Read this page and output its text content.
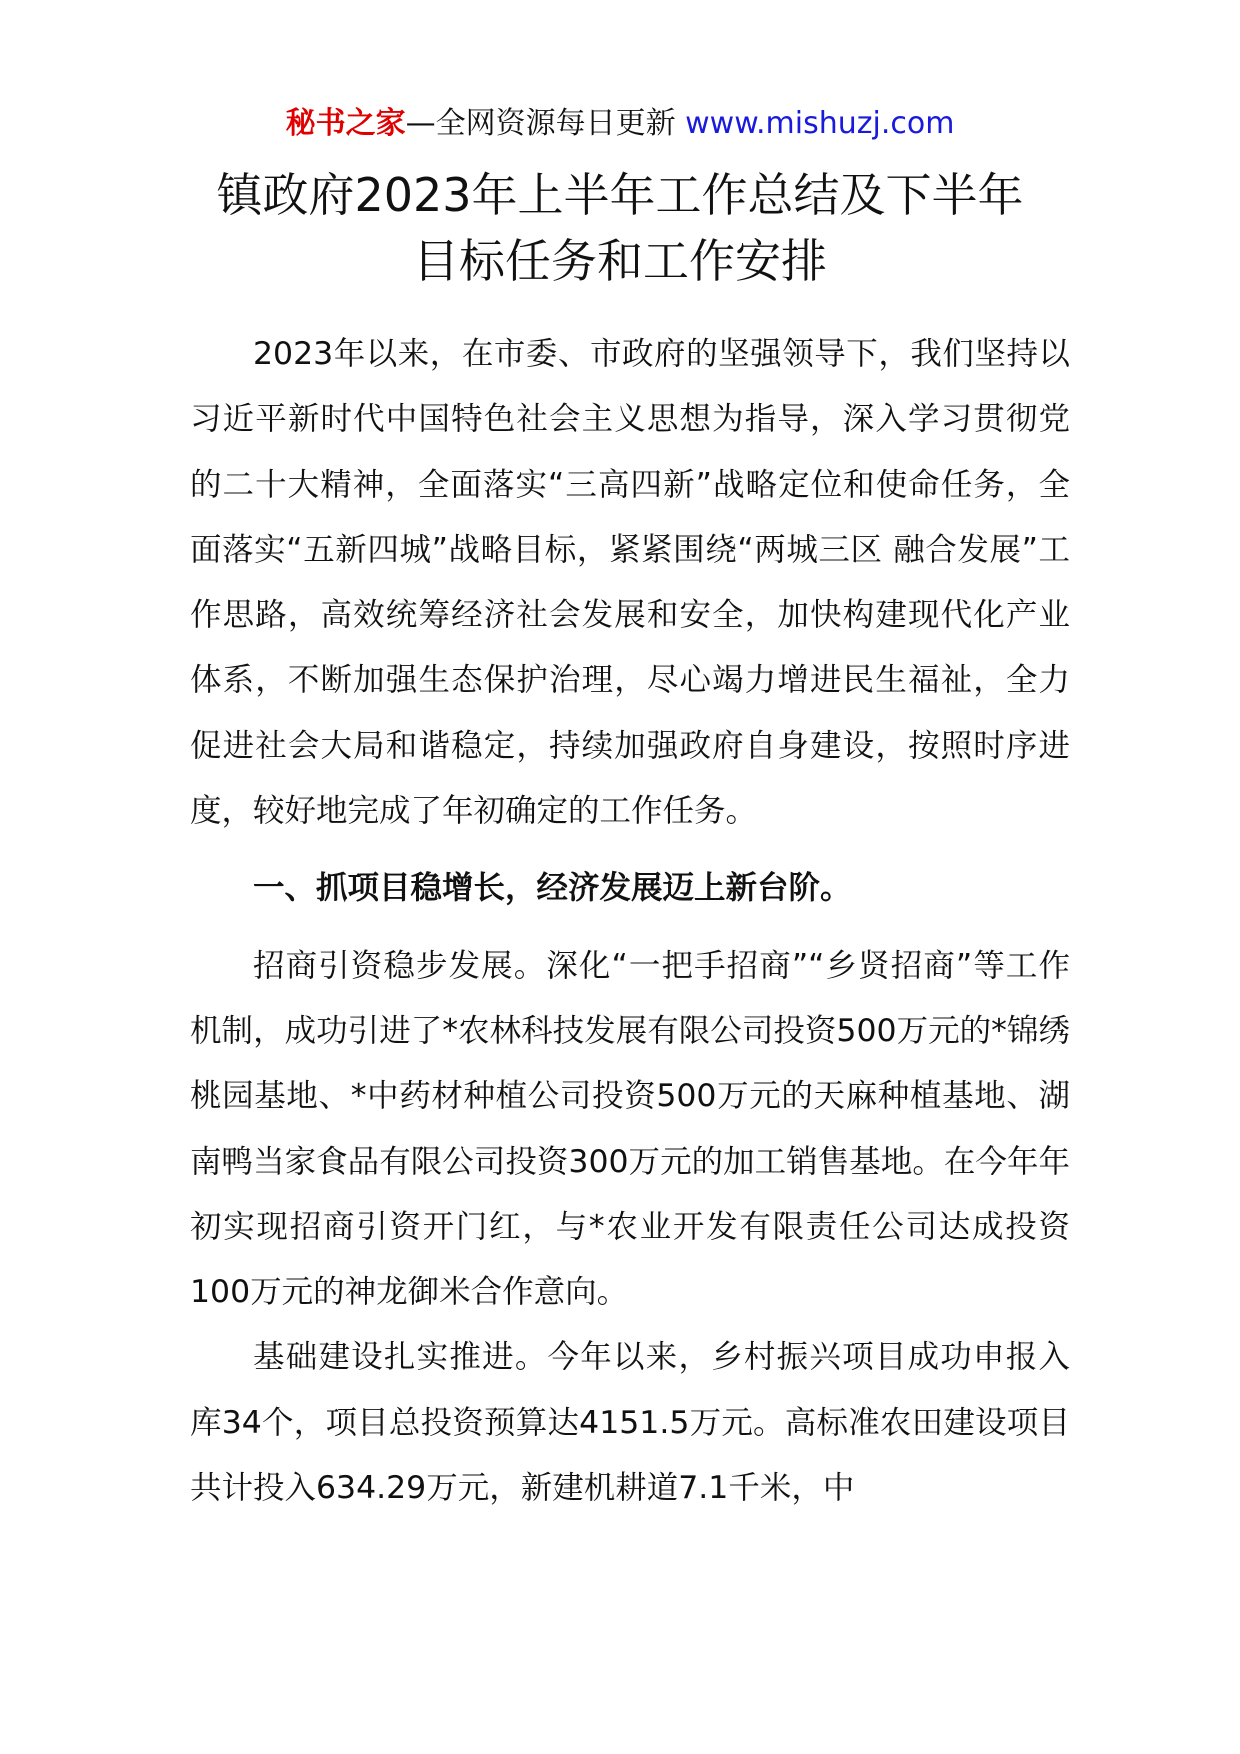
秘书之家—全网资源每日更新 www.mishuzj.com
镇政府2023年上半年工作总结及下半年
目标任务和工作安排

2023年以来，在市委、市政府的坚强领导下，我们坚持以习近平新时代中国特色社会主义思想为指导，深入学习贯彻党的二十大精神，全面落实“三高四新”战略定位和使命任务，全面落实“五新四城”战略目标，紧紧围绕“两城三区 融合发展”工作思路，高效统筹经济社会发展和安全，加快构建现代化产业体系，不断加强生态保护治理，尽心竭力增进民生福祉，全力促进社会大局和谐稳定，持续加强政府自身建设，按照时序进度，较好地完成了年初确定的工作任务。

一、抓项目稳增长，经济发展迈上新台阶。

招商引资稳步发展。深化“一把手招商”“乡贤招商”等工作机制，成功引进了*农林科技发展有限公司投资500万元的*锦绣桃园基地、*中药材种植公司投资500万元的天麻种植基地、湖南鸭当家食品有限公司投资300万元的加工销售基地。在今年年初实现招商引资开门红，与*农业开发有限责任公司达成投资100万元的神龙御米合作意向。

基础建设扎实推进。今年以来，乡村振兴项目成功申报入库34个，项目总投资预算达4151.5万元。高标准农田建设项目共计投入634.29万元，新建机耕道7.1千米，中
